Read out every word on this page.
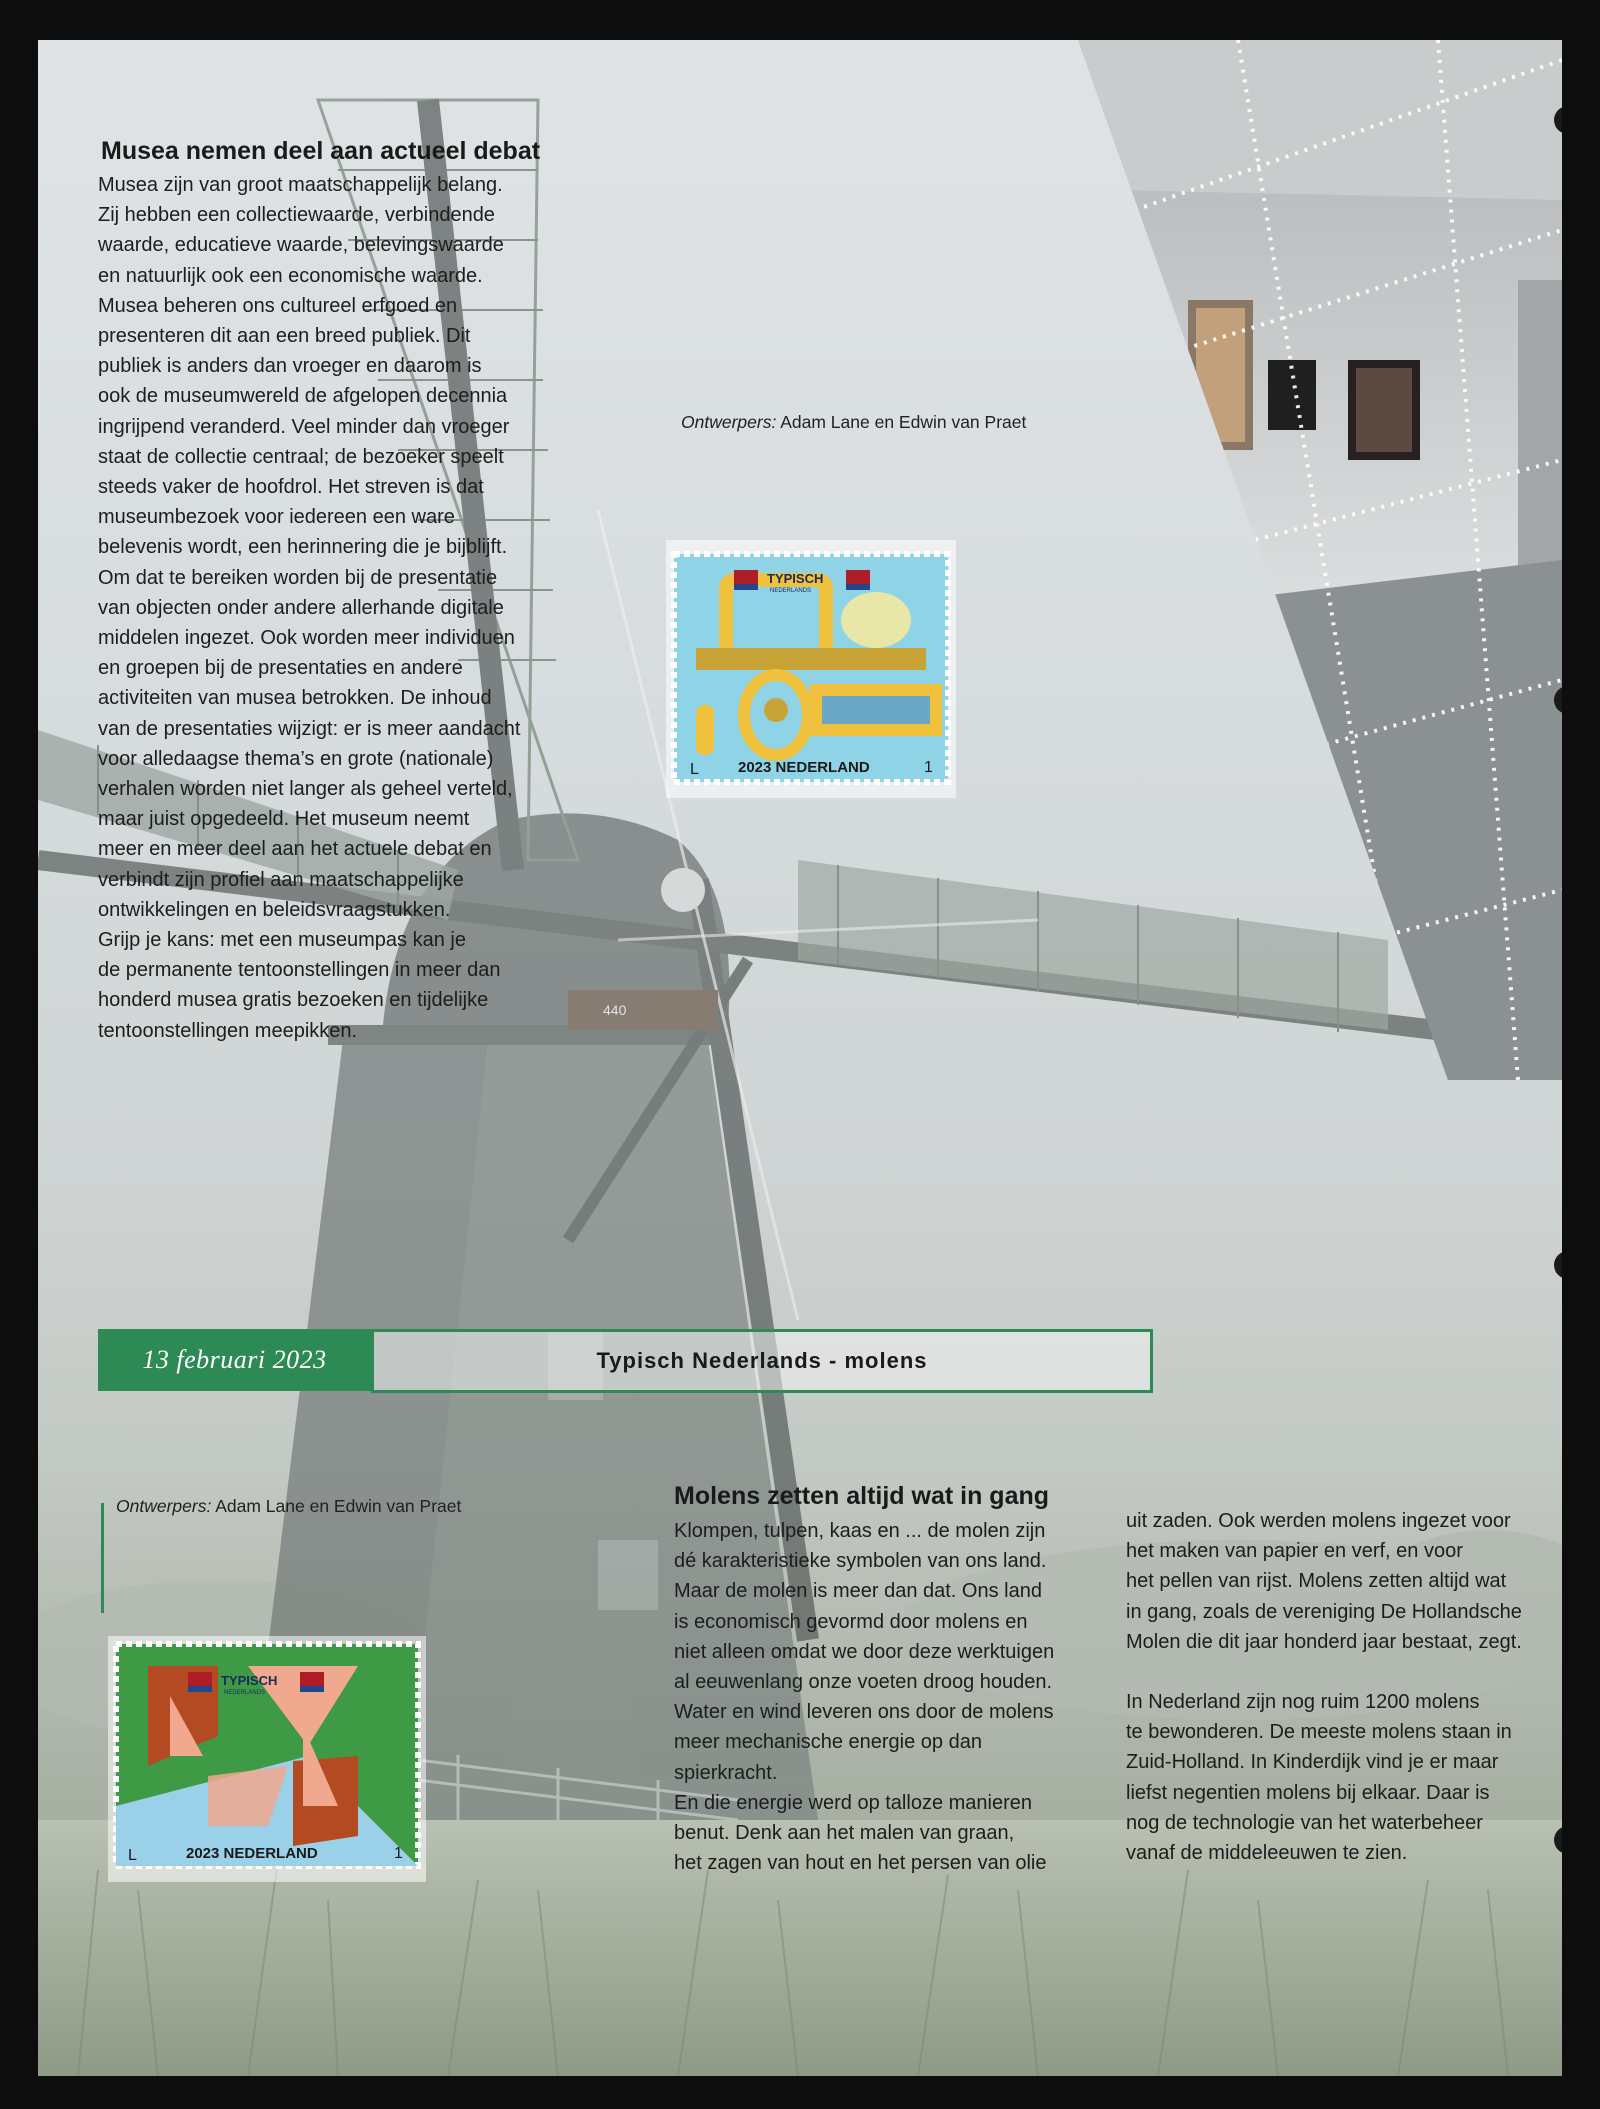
440
Musea nemen deel aan actueel debat

Musea zijn van groot maatschappelijk belang.

Zij hebben een collectiewaarde, verbindende

waarde, educatieve waarde, belevingswaarde

en natuurlijk ook een economische waarde.

Musea beheren ons cultureel erfgoed en

presenteren dit aan een breed publiek. Dit

publiek is anders dan vroeger en daarom is

ook de museumwereld de afgelopen decennia

ingrijpend veranderd. Veel minder dan vroeger

staat de collectie centraal; de bezoeker speelt

steeds vaker de hoofdrol. Het streven is dat

museumbezoek voor iedereen een ware

belevenis wordt, een herinnering die je bijblijft.

Om dat te bereiken worden bij de presentatie

van objecten onder andere allerhande digitale

middelen ingezet. Ook worden meer individuen

en groepen bij de presentaties en andere

activiteiten van musea betrokken. De inhoud

van de presentaties wijzigt: er is meer aandacht

voor alledaagse thema’s en grote (nationale)

verhalen worden niet langer als geheel verteld,

maar juist opgedeeld. Het museum neemt

meer en meer deel aan het actuele debat en

verbindt zijn profiel aan maatschappelijke

ontwikkelingen en beleidsvraagstukken.

Grijp je kans: met een museumpas kan je

de permanente tentoonstellingen in meer dan

honderd musea gratis bezoeken en tijdelijke

tentoonstellingen meepikken.

Ontwerpers: Adam Lane en Edwin van Praet
TYPISCH
NEDERLANDS
L	2023 NEDERLAND	1
13 februari 2023	Typisch Nederlands - molens
Ontwerpers: Adam Lane en Edwin van Praet
TYPISCH
NEDERLANDS
L	2023 NEDERLAND	1
Molens zetten altijd wat in gang

Klompen, tulpen, kaas en ... de molen zijn

dé karakteristieke symbolen van ons land.

Maar de molen is meer dan dat. Ons land

is economisch gevormd door molens en

niet alleen omdat we door deze werktuigen

al eeuwenlang onze voeten droog houden.

Water en wind leveren ons door de molens

meer mechanische energie op dan

spierkracht.

En die energie werd op talloze manieren

benut. Denk aan het malen van graan,

het zagen van hout en het persen van olie

uit zaden. Ook werden molens ingezet voor

het maken van papier en verf, en voor

het pellen van rijst. Molens zetten altijd wat

in gang, zoals de vereniging De Hollandsche

Molen die dit jaar honderd jaar bestaat, zegt.

In Nederland zijn nog ruim 1200 molens

te bewonderen. De meeste molens staan in

Zuid-Holland. In Kinderdijk vind je er maar

liefst negentien molens bij elkaar. Daar is

nog de technologie van het waterbeheer

vanaf de middeleeuwen te zien.
